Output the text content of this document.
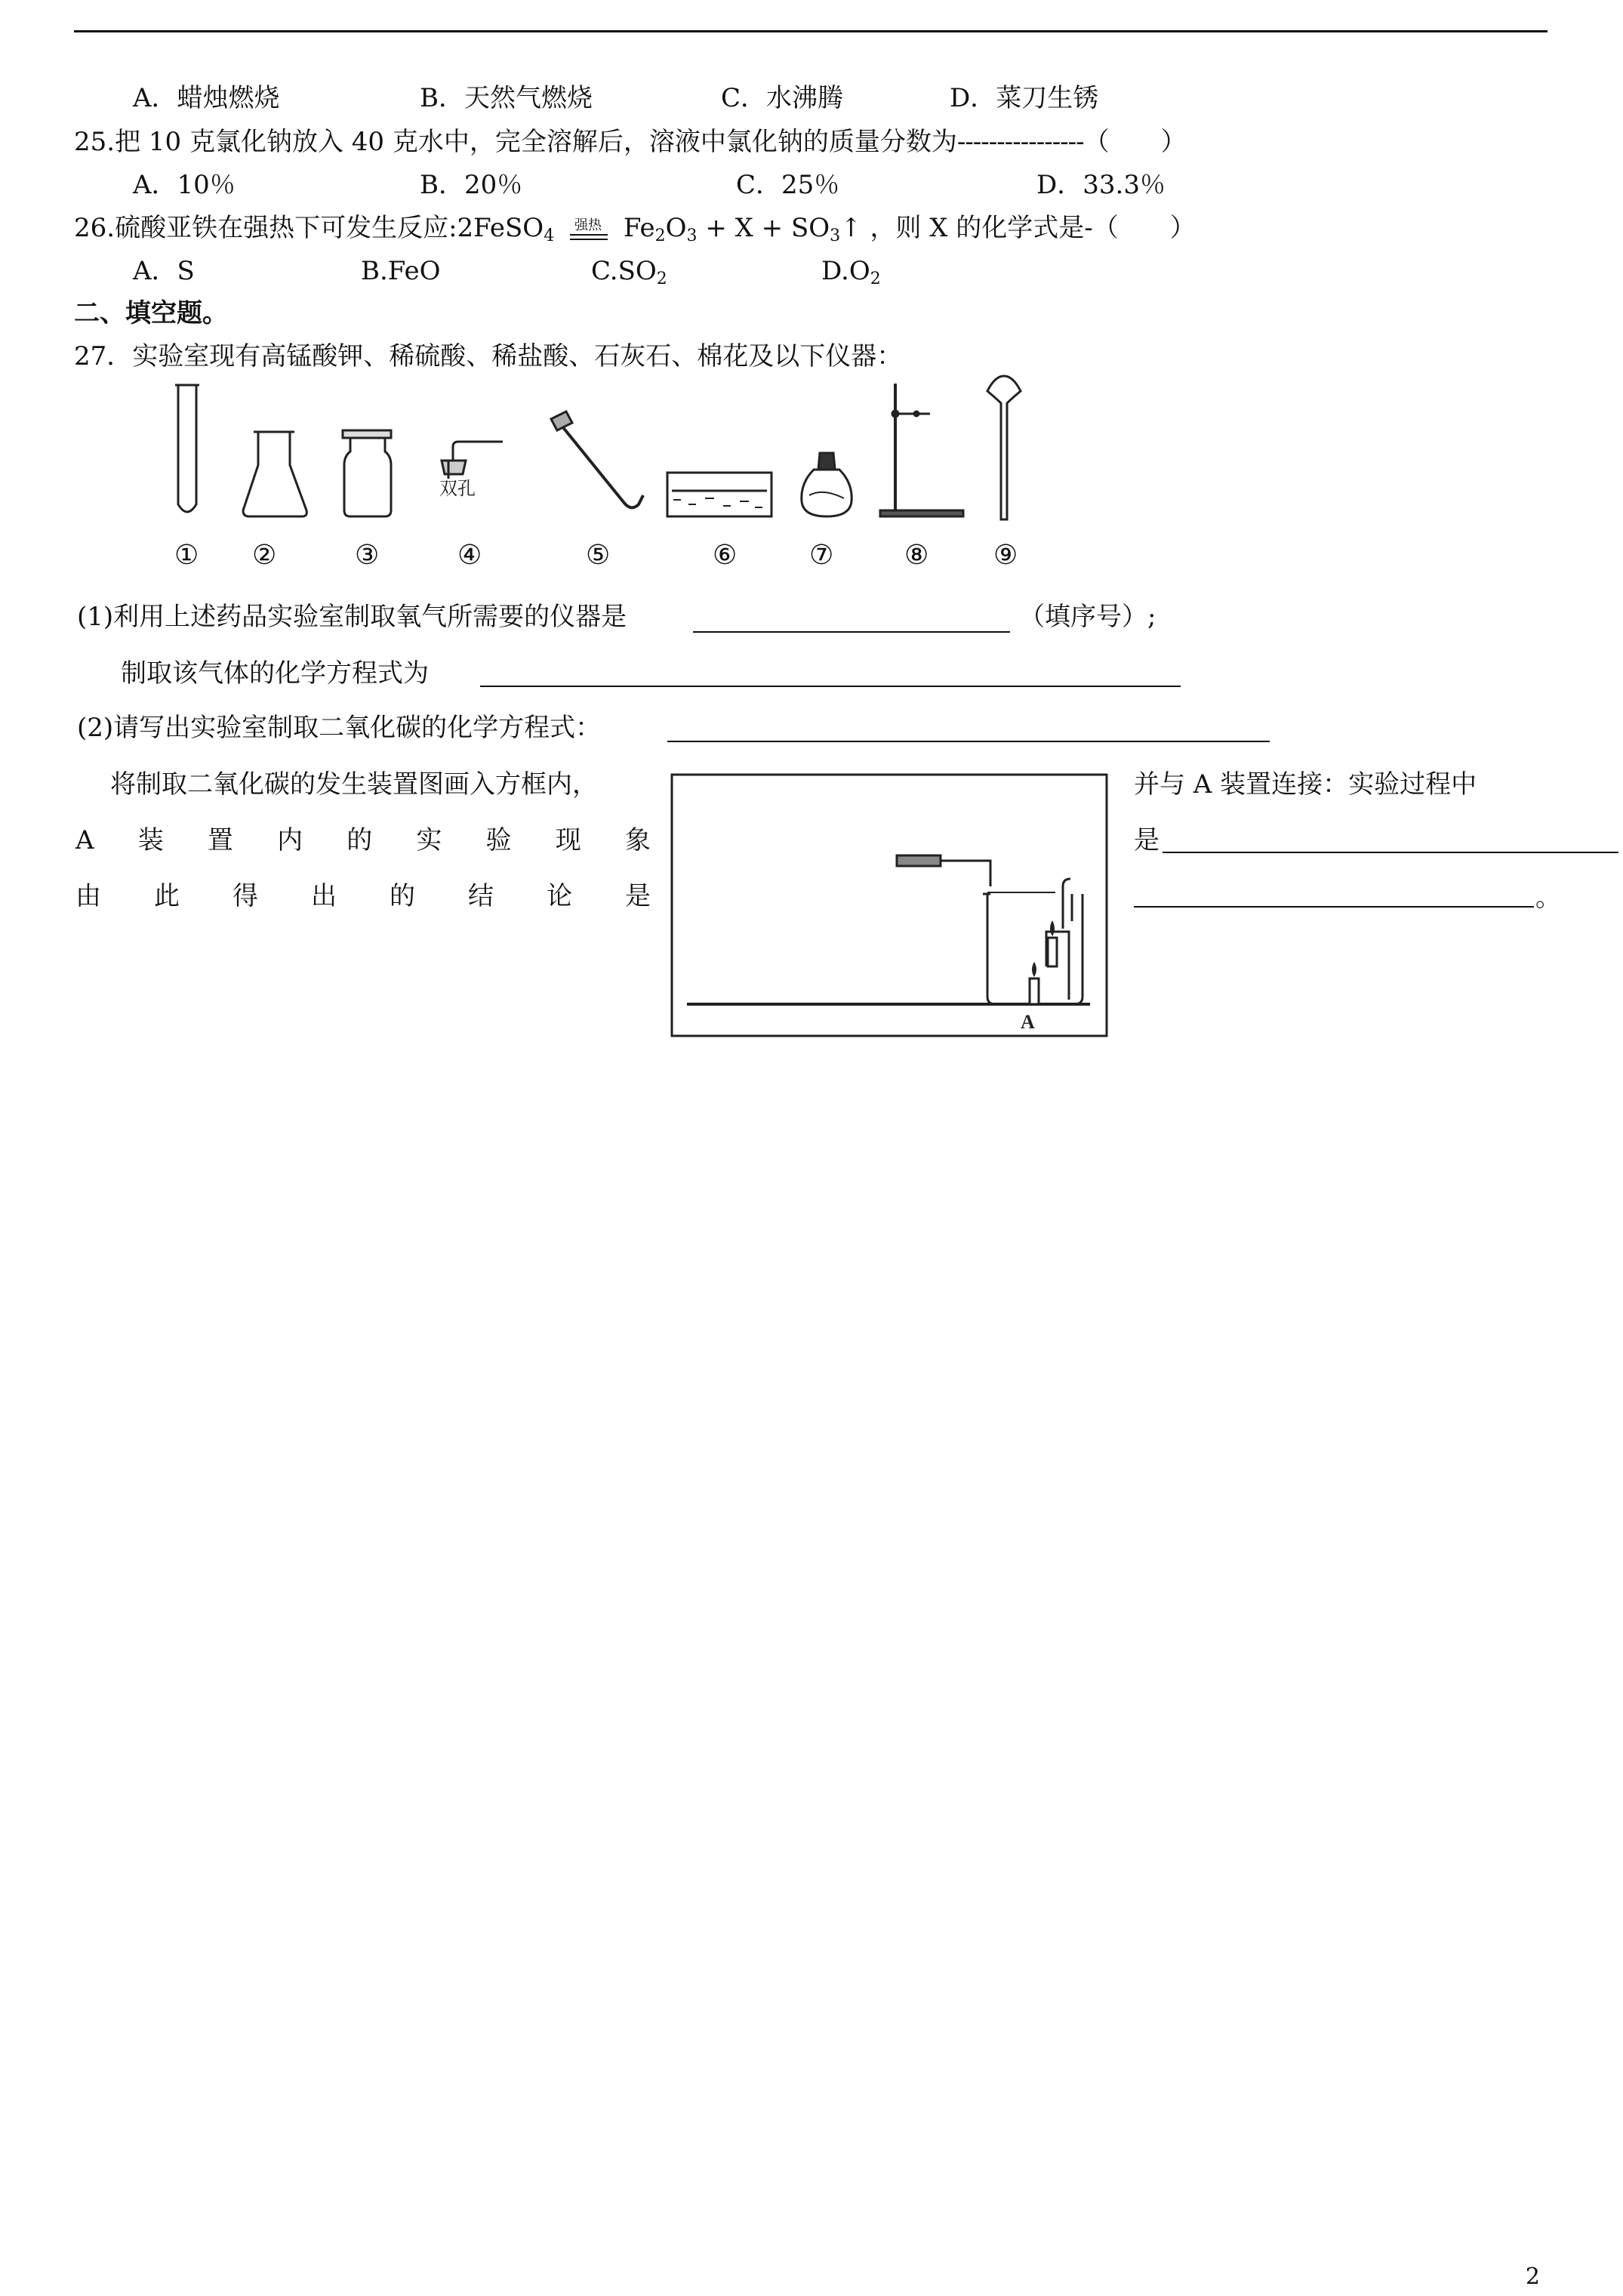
A．蜡烛燃烧	B．天然气燃烧	C．水沸腾	D．菜刀生锈
25.把 10 克氯化钠放入 40 克水中，完全溶解后，溶液中氯化钠的质量分数为----------------（　　）
A．10％	B．20％	C．25％	D．33.3％
26.硫酸亚铁在强热下可发生反应:2FeSO$_4$
强热 $Fe_2O_3 + X$ + $SO_3↑$ ，则 X 的化学式是-（　　）
A．S	B.FeO	$C.SO_2$	$D.O_2$
二、填空题。
27．实验室现有高锰酸钾、稀硫酸、稀盐酸、石灰石、棉花及以下仪器：
双孔
① ②	③	④	⑤	⑥	⑦	⑧ ⑨
(1)利用上述药品实验室制取氧气所需要的仪器是	（填序号）;
制取该气体的化学方程式为
(2)请写出实验室制取二氧化碳的化学方程式：
将制取二氧化碳的发生装置图画入方框内，
A 装 置 内 的 实 验 现 象
由 此 得 出 的 结 论 是
A
并与 A 装置连接：实验过程中
是
。
2
